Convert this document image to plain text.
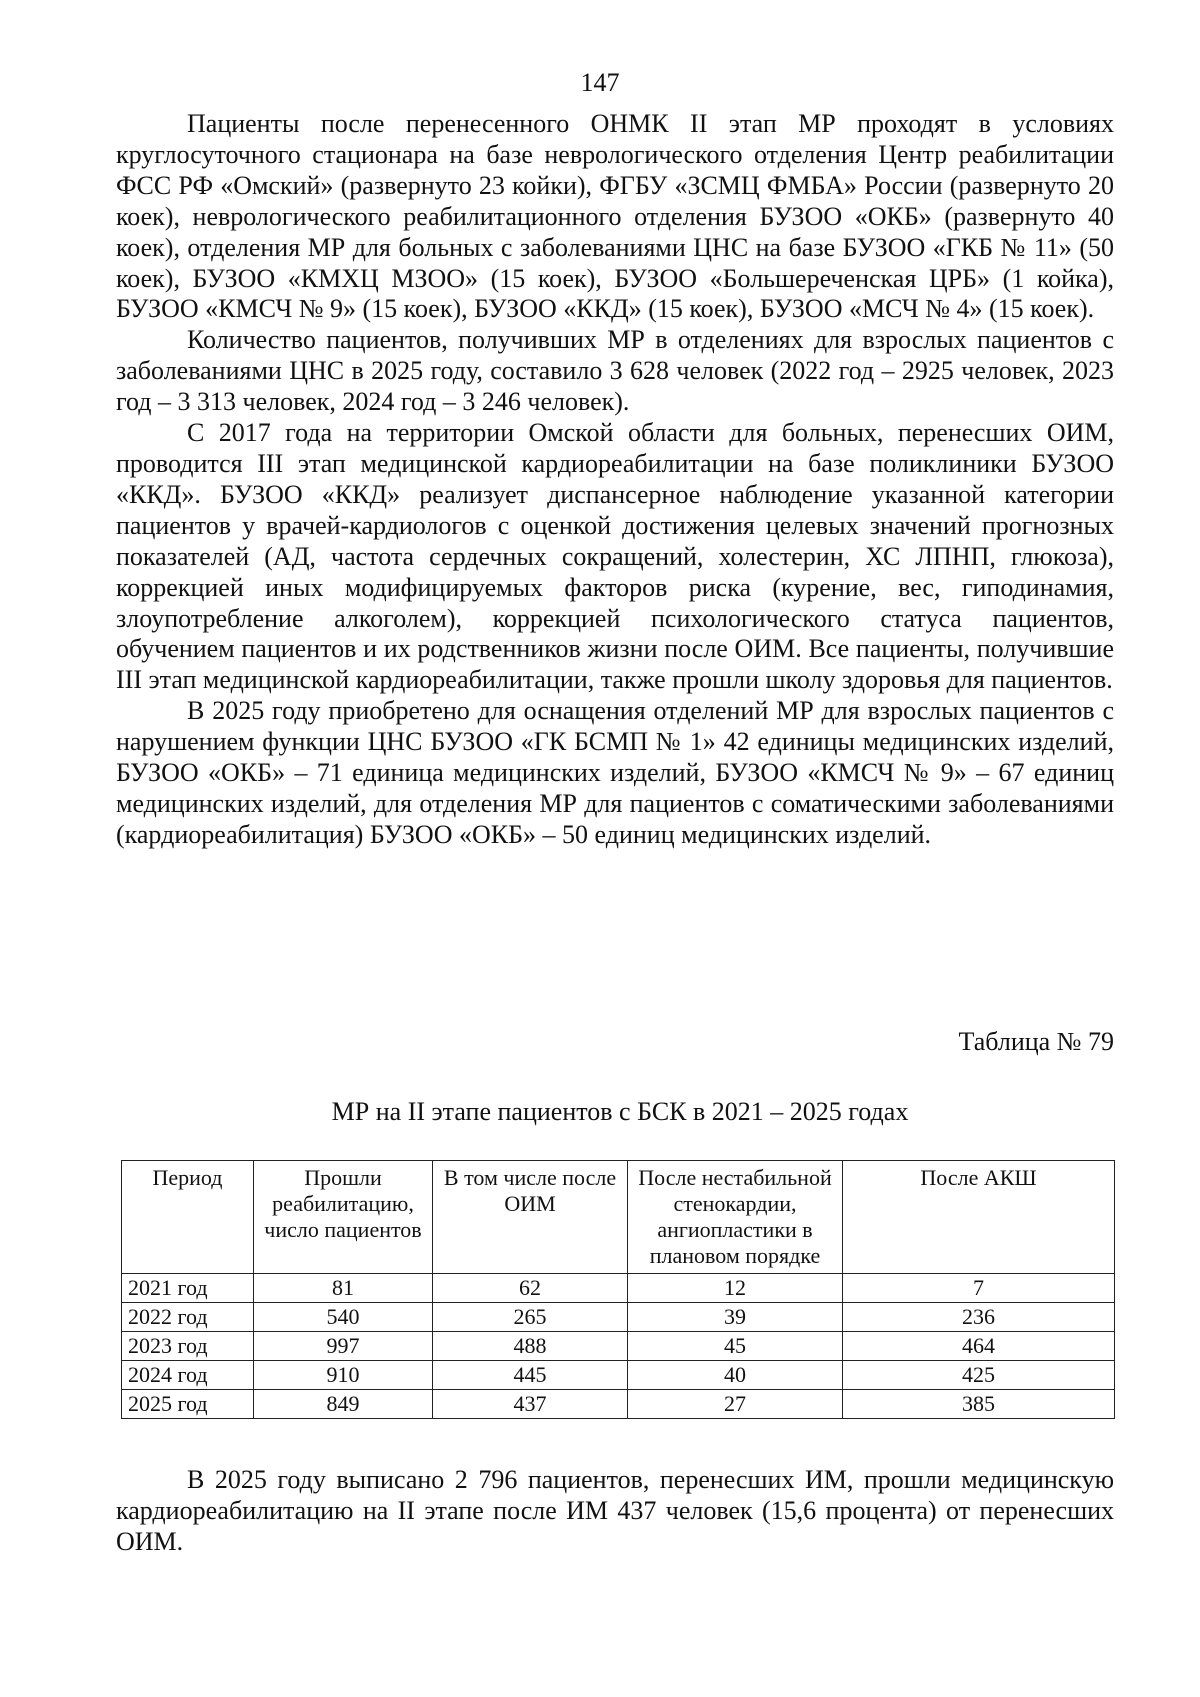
147

Пациенты после перенесенного ОНМК II этап МР проходят в условиях круглосуточного стационара на базе неврологического отделения Центр реабилитации ФСС РФ «Омский» (развернуто 23 койки), ФГБУ «ЗСМЦ ФМБА» России (развернуто 20 коек), неврологического реабилитационного отделения БУЗОО «ОКБ» (развернуто 40 коек), отделения МР для больных с заболеваниями ЦНС на базе БУЗОО «ГКБ № 11» (50 коек), БУЗОО «КМХЦ МЗОО» (15 коек), БУЗОО «Большереченская ЦРБ» (1 койка), БУЗОО «КМСЧ № 9» (15 коек), БУЗОО «ККД» (15 коек), БУЗОО «МСЧ № 4» (15 коек).

Количество пациентов, получивших МР в отделениях для взрослых пациентов с заболеваниями ЦНС в 2025 году, составило 3 628 человек (2022 год – 2925 человек, 2023 год – 3 313 человек, 2024 год – 3 246 человек).

С 2017 года на территории Омской области для больных, перенесших ОИМ, проводится III этап медицинской кардиореабилитации на базе поликлиники БУЗОО «ККД». БУЗОО «ККД» реализует диспансерное наблюдение указанной категории пациентов у врачей-кардиологов с оценкой достижения целевых значений прогнозных показателей (АД, частота сердечных сокращений, холестерин, ХС ЛПНП, глюкоза), коррекцией иных модифицируемых факторов риска (курение, вес, гиподинамия, злоупотребление алкоголем), коррекцией психологического статуса пациентов, обучением пациентов и их родственников жизни после ОИМ. Все пациенты, получившие III этап медицинской кардиореабилитации, также прошли школу здоровья для пациентов.

В 2025 году приобретено для оснащения отделений МР для взрослых пациентов с нарушением функции ЦНС БУЗОО «ГК БСМП № 1» 42 единицы медицинских изделий, БУЗОО «ОКБ» – 71 единица медицинских изделий, БУЗОО «КМСЧ № 9» – 67 единиц медицинских изделий, для отделения МР для пациентов с соматическими заболеваниями (кардиореабилитация) БУЗОО «ОКБ» – 50 единиц медицинских изделий.

Таблица № 79
МР на II этапе пациентов с БСК в 2021 – 2025 годах
Период	Прошли реабилитацию, число пациентов	В том числе после ОИМ	После нестабильной стенокардии, ангиопластики в плановом порядке	После АКШ
2021 год	81	62	12	7
2022 год	540	265	39	236
2023 год	997	488	45	464
2024 год	910	445	40	425
2025 год	849	437	27	385

В 2025 году выписано 2 796 пациентов, перенесших ИМ, прошли медицинскую кардиореабилитацию на II этапе после ИМ 437 человек (15,6 процента) от перенесших ОИМ.
